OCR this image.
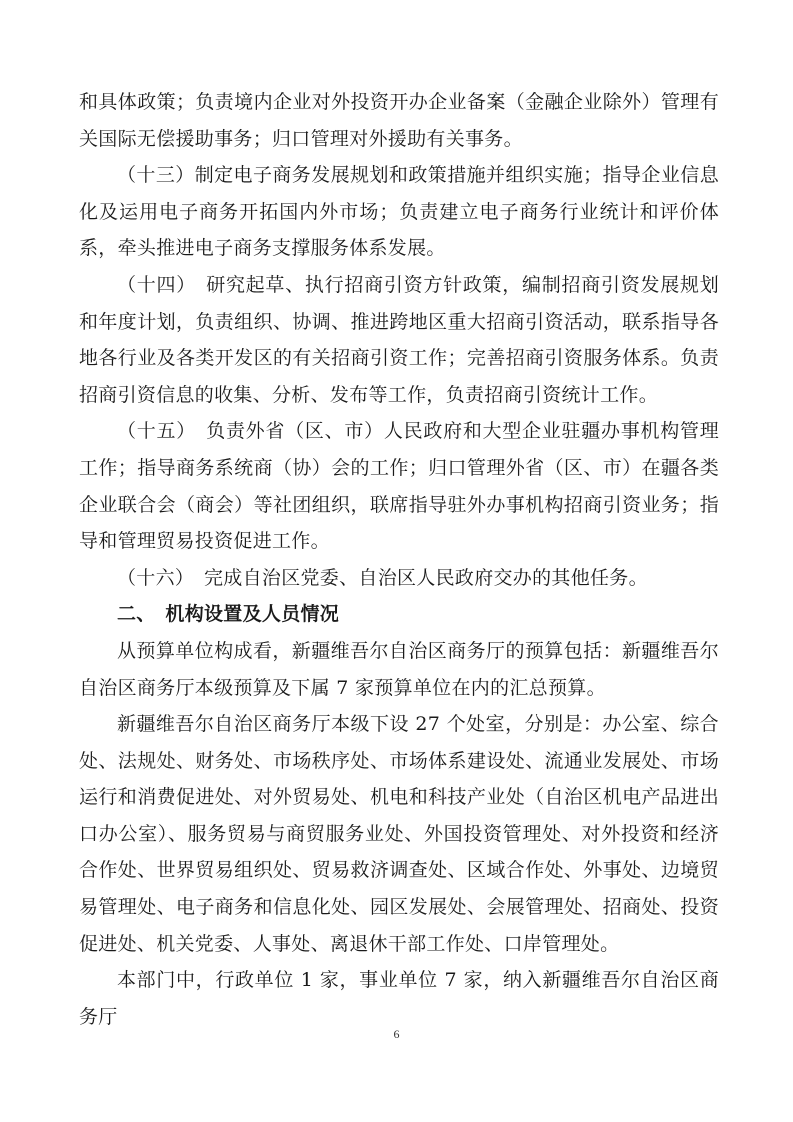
和具体政策；负责境内企业对外投资开办企业备案（金融企业除外）管理有关国际无偿援助事务；归口管理对外援助有关事务。

（十三）制定电子商务发展规划和政策措施并组织实施；指导企业信息化及运用电子商务开拓国内外市场；负责建立电子商务行业统计和评价体系，牵头推进电子商务支撑服务体系发展。

（十四）　研究起草、执行招商引资方针政策，编制招商引资发展规划和年度计划，负责组织、协调、推进跨地区重大招商引资活动，联系指导各地各行业及各类开发区的有关招商引资工作；完善招商引资服务体系。负责招商引资信息的收集、分析、发布等工作，负责招商引资统计工作。

（十五）　负责外省（区、市）人民政府和大型企业驻疆办事机构管理工作；指导商务系统商（协）会的工作；归口管理外省（区、市）在疆各类企业联合会（商会）等社团组织，联席指导驻外办事机构招商引资业务；指导和管理贸易投资促进工作。

（十六）　完成自治区党委、自治区人民政府交办的其他任务。

二、　机构设置及人员情况

从预算单位构成看，新疆维吾尔自治区商务厅的预算包括：新疆维吾尔自治区商务厅本级预算及下属 7 家预算单位在内的汇总预算。

新疆维吾尔自治区商务厅本级下设 27 个处室，分别是：办公室、综合处、法规处、财务处、市场秩序处、市场体系建设处、流通业发展处、市场运行和消费促进处、对外贸易处、机电和科技产业处（自治区机电产品进出口办公室）、服务贸易与商贸服务业处、外国投资管理处、对外投资和经济合作处、世界贸易组织处、贸易救济调查处、区域合作处、外事处、边境贸易管理处、电子商务和信息化处、园区发展处、会展管理处、招商处、投资促进处、机关党委、人事处、离退休干部工作处、口岸管理处。

本部门中，行政单位 1 家，事业单位 7 家，纳入新疆维吾尔自治区商务厅

6
